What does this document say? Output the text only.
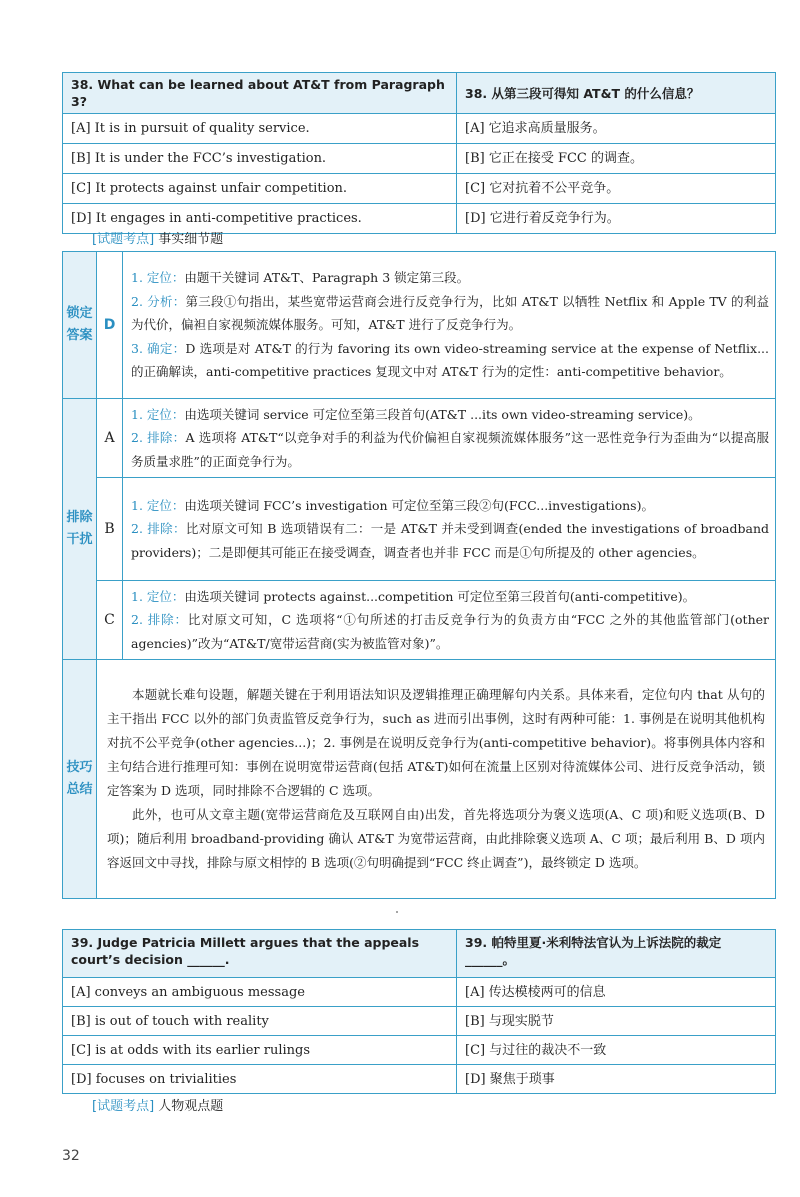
38. What can be learned about AT&T from Paragraph 3?	38. 从第三段可得知 AT&T 的什么信息？
[A] It is in pursuit of quality service.	[A] 它追求高质量服务。
[B] It is under the FCC’s investigation.	[B] 它正在接受 FCC 的调查。
[C] It protects against unfair competition.	[C] 它对抗着不公平竞争。
[D] It engages in anti-competitive practices.	[D] 它进行着反竞争行为。
[试题考点] 事实细节题
锁定答案	D	1. 定位：由题干关键词 AT&T、Paragraph 3 锁定第三段。
2. 分析：第三段①句指出，某些宽带运营商会进行反竞争行为，比如 AT&T 以牺牲 Netflix 和 Apple TV 的利益为代价，偏袒自家视频流媒体服务。可知，AT&T 进行了反竞争行为。
3. 确定：D 选项是对 AT&T 的行为 favoring its own video-streaming service at the expense of Netflix...的正确解读，anti-competitive practices 复现文中对 AT&T 行为的定性：anti-competitive behavior。

排除干扰	A	1. 定位：由选项关键词 service 可定位至第三段首句(AT&T ...its own video-streaming service)。
2. 排除：A 选项将 AT&T“以竞争对手的利益为代价偏袒自家视频流媒体服务”这一恶性竞争行为歪曲为“以提高服务质量求胜”的正面竞争行为。

	B	1. 定位：由选项关键词 FCC’s investigation 可定位至第三段②句(FCC...investigations)。
2. 排除：比对原文可知 B 选项错误有二：一是 AT&T 并未受到调查(ended the investigations of broadband providers)；二是即便其可能正在接受调查，调查者也并非 FCC 而是①句所提及的 other agencies。

	C	1. 定位：由选项关键词 protects against...competition 可定位至第三段首句(anti-competitive)。
2. 排除：比对原文可知，C 选项将“①句所述的打击反竞争行为的负责方由“FCC 之外的其他监管部门(other agencies)”改为“AT&T/宽带运营商(实为被监管对象)”。

技巧总结	本题就长难句设题，解题关键在于利用语法知识及逻辑推理正确理解句内关系。具体来看，定位句内 that 从句的主干指出 FCC 以外的部门负责监管反竞争行为，such as 进而引出事例，这时有两种可能：1. 事例是在说明其他机构对抗不公平竞争(other agencies...)；2. 事例是在说明反竞争行为(anti-competitive behavior)。将事例具体内容和主句结合进行推理可知：事例在说明宽带运营商(包括 AT&T)如何在流量上区别对待流媒体公司、进行反竞争活动，锁定答案为 D 选项，同时排除不合逻辑的 C 选项。

此外，也可从文章主题(宽带运营商危及互联网自由)出发，首先将选项分为褒义选项(A、C 项)和贬义选项(B、D 项)；随后利用 broadband-providing 确认 AT&T 为宽带运营商，由此排除褒义选项 A、C 项；最后利用 B、D 项内容返回文中寻找，排除与原文相悖的 B 选项(②句明确提到“FCC 终止调查”)，最终锁定 D 选项。	

39. Judge Patricia Millett argues that the appeals court’s decision ______.	39. 帕特里夏·米利特法官认为上诉法院的裁定______。
[A] conveys an ambiguous message	[A] 传达模棱两可的信息
[B] is out of touch with reality	[B] 与现实脱节
[C] is at odds with its earlier rulings	[C] 与过往的裁决不一致
[D] focuses on trivialities	[D] 聚焦于琐事
[试题考点] 人物观点题
32
